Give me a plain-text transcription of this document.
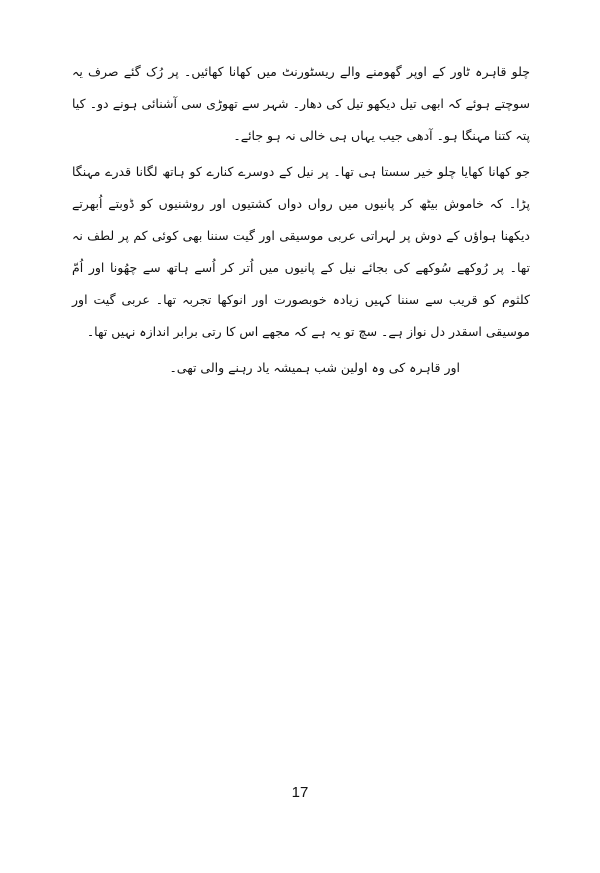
چلو قاہرہ ٹاور کے اوپر گھومنے والے ریسٹورنٹ میں کھانا کھائیں۔ پر رُک گئے صرف یہ سوچتے ہوئے کہ ابھی تیل دیکھو تیل کی دھار۔ شہر سے تھوڑی سی آشنائی ہونے دو۔ کیا پتہ کتنا مہنگا ہو۔ آدھی جیب یہاں ہی خالی نہ ہو جائے۔

جو کھانا کھایا چلو خیر سستا ہی تھا۔ پر نیل کے دوسرے کنارے کو ہاتھ لگانا قدرے مہنگا پڑا۔ کہ خاموش بیٹھ کر پانیوں میں رواں دواں کشتیوں اور روشنیوں کو ڈوبتے اُبھرتے دیکھنا ہواؤں کے دوش پر لہراتی عربی موسیقی اور گیت سننا بھی کوئی کم پر لطف نہ تھا۔ پر رُوکھے سُوکھے کی بجائے نیل کے پانیوں میں اُتر کر اُسے ہاتھ سے چھُونا اور اُمّ کلثوم کو قریب سے سننا کہیں زیادہ خوبصورت اور انوکھا تجربہ تھا۔ عربی گیت اور موسیقی اسقدر دل نواز ہے۔ سچ تو یہ ہے کہ مجھے اس کا رتی برابر اندازہ نہیں تھا۔

اور قاہرہ کی وہ اولین شب ہمیشہ یاد رہنے والی تھی۔

17
